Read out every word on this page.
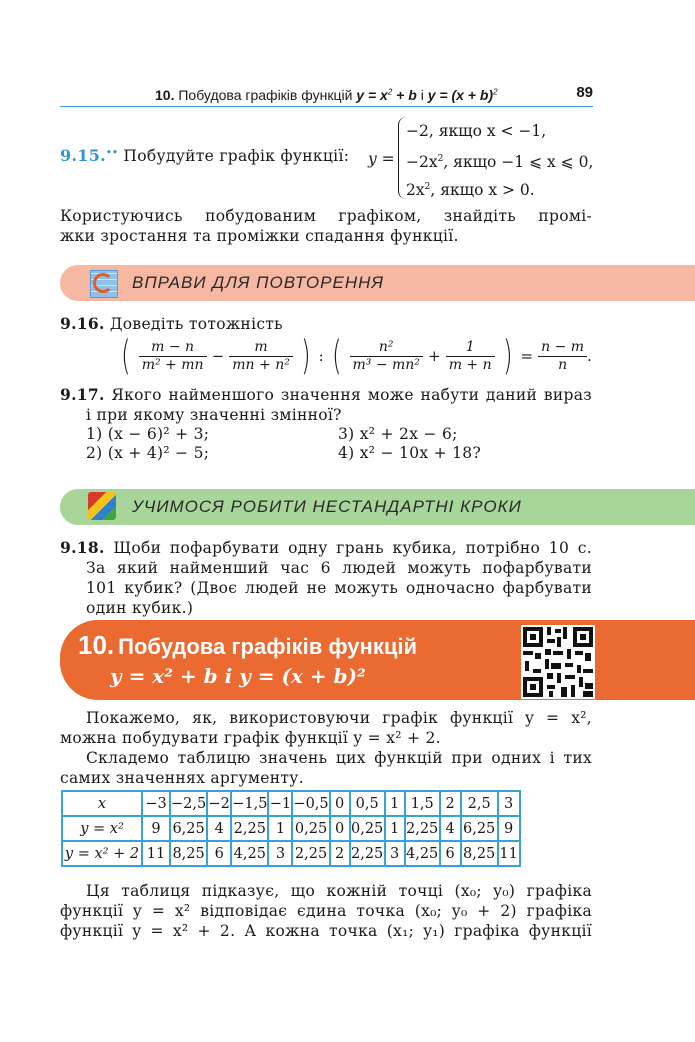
10. Побудова графіків функцій $y = x^2 + b$ і $y = (x + b)^2$	89
9.15.•• Побудуйте графік функції: y =
−2, якщо x < −1,
$-2x^2$, якщо −1 ⩽ x ⩽ 0,
$2x^2$, якщо x > 0.
Користуючись побудованим графіком, знайдіть промі-
жки зростання та проміжки спадання функції.
ВПРАВИ ДЛЯ ПОВТОРЕННЯ
9.16. Доведіть тотожність
( $\frac{m - n}{\text{m² + mn}} - \frac{m}{\text{mn + n²}}$ ) : ( $\frac{\text{n²}}{\text{m³ − mn²}} + \frac{1}{m + n}$ ) = $\frac{n - m}{n}$ .
9.17. Якого найменшого значення може набути даний вираз
і при якому значенні змінної?
1) (x − 6)² + 3;	3) x² + 2x − 6;
2) (x + 4)² − 5;	4) x² − 10x + 18?
УЧИМОСЯ РОБИТИ НЕСТАНДАРТНІ КРОКИ
9.18. Щоби пофарбувати одну грань кубика, потрібно 10 с.
За який найменший час 6 людей можуть пофарбувати
101 кубик? (Двоє людей не можуть одночасно фарбувати
один кубик.)
10. Побудова графіків функцій
y = x² + b і y = (x + b)²
Покажемо, як, використовуючи графік функції y = x²,
можна побудувати графік функції y = x² + 2.
Складемо таблицю значень цих функцій при одних і тих
самих значеннях аргументу.
x	−3	−2,5	−2	−1,5	−1	−0,5	0	0,5	1	1,5	2	2,5	3
y = x²	9	6,25	4	2,25	1	0,25	0	0,25	1	2,25	4	6,25	9
y = x² + 2	11	8,25	6	4,25	3	2,25	2	2,25	3	4,25	6	8,25	11
Ця таблиця підказує, що кожній точці (x₀; y₀) графіка
функції y = x² відповідає єдина точка (x₀; y₀ + 2) графіка
функції y = x² + 2. А кожна точка (x₁; y₁) графіка функції
